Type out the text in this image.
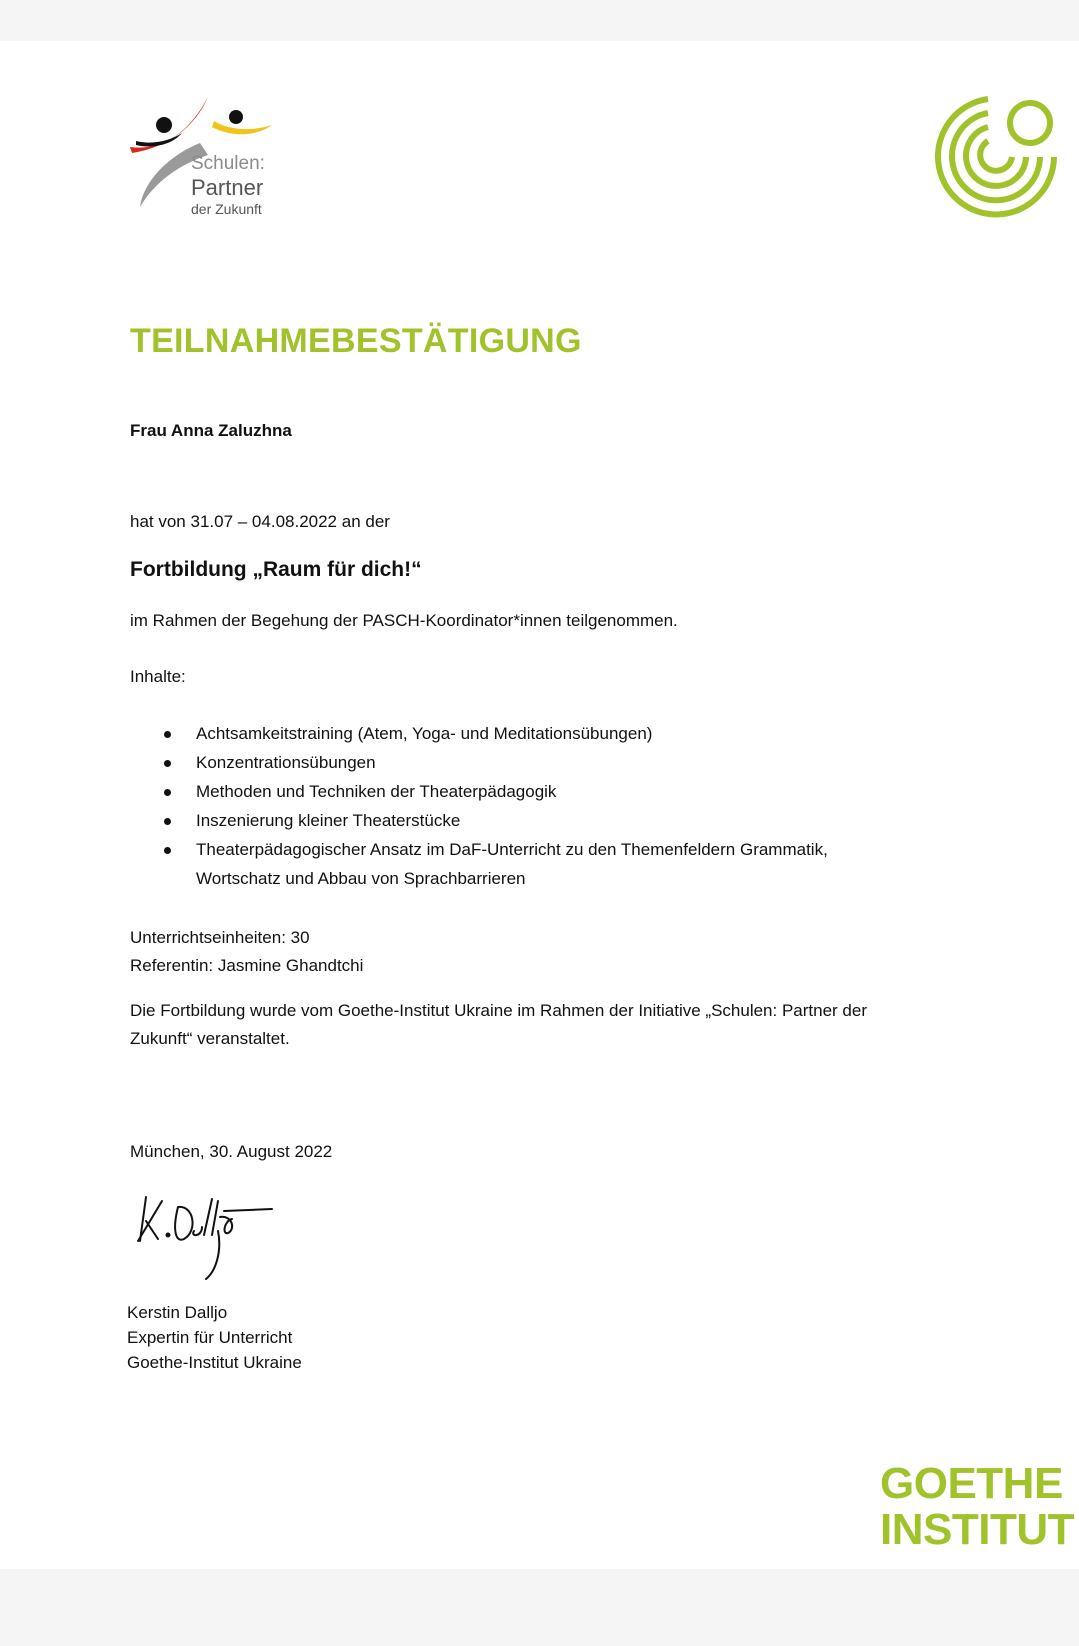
Schulen:
Partner
der Zukunft
TEILNAHMEBESTÄTIGUNG
Frau Anna Zaluzhna
hat von 31.07 – 04.08.2022 an der
Fortbildung „Raum für dich!“
im Rahmen der Begehung der PASCH-Koordinator*innen teilgenommen.
Inhalte:
Achtsamkeitstraining (Atem, Yoga- und Meditationsübungen)
Konzentrationsübungen
Methoden und Techniken der Theaterpädagogik
Inszenierung kleiner Theaterstücke
Theaterpädagogischer Ansatz im DaF-Unterricht zu den Themenfeldern Grammatik,
Wortschatz und Abbau von Sprachbarrieren
Unterrichtseinheiten: 30
Referentin: Jasmine Ghandtchi
Die Fortbildung wurde vom Goethe-Institut Ukraine im Rahmen der Initiative „Schulen: Partner der
Zukunft“ veranstaltet.
München, 30. August 2022
Kerstin Dalljo
Expertin für Unterricht
Goethe-Institut Ukraine
GOETHE
INSTITUT
